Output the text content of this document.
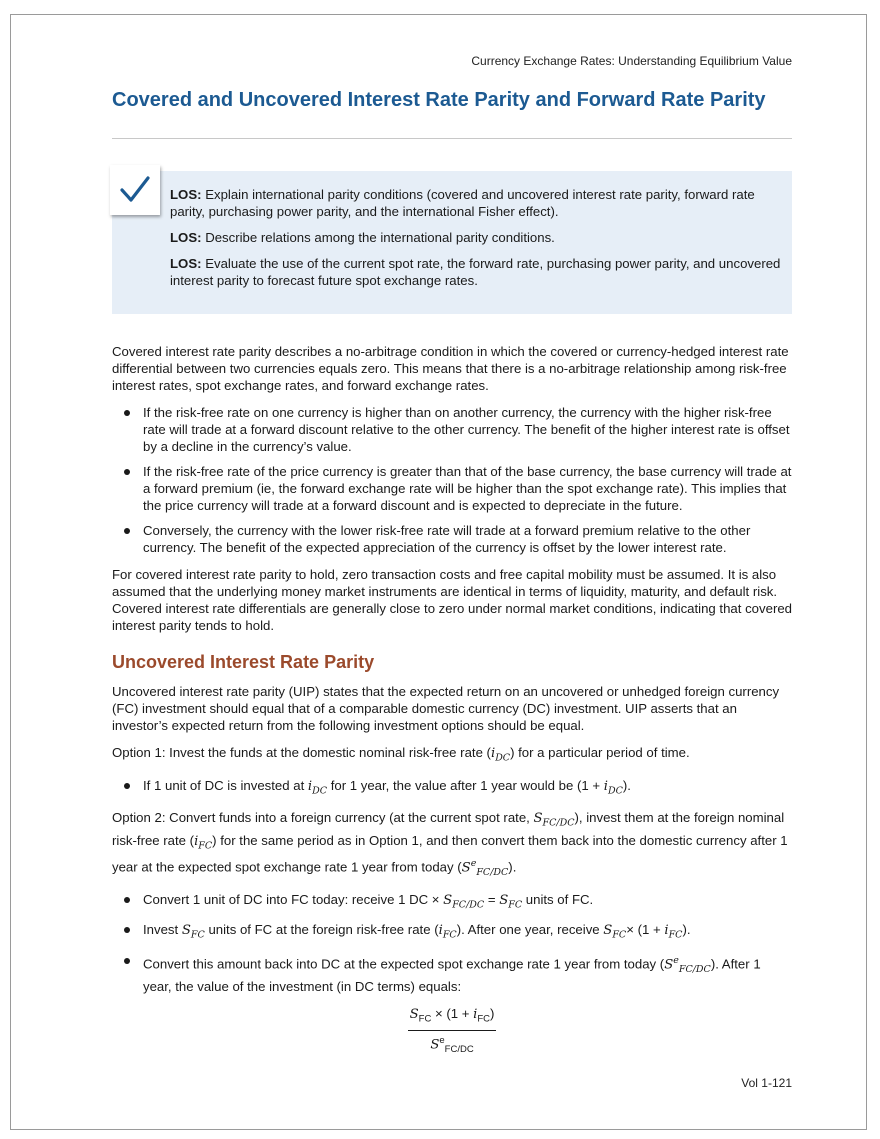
Currency Exchange Rates: Understanding Equilibrium Value
Covered and Uncovered Interest Rate Parity and Forward Rate Parity
LOS: Explain international parity conditions (covered and uncovered interest rate parity, forward rate parity, purchasing power parity, and the international Fisher effect).
LOS: Describe relations among the international parity conditions.
LOS: Evaluate the use of the current spot rate, the forward rate, purchasing power parity, and uncovered interest parity to forecast future spot exchange rates.

Covered interest rate parity describes a no-arbitrage condition in which the covered or currency-hedged interest rate differential between two currencies equals zero. This means that there is a no-arbitrage relationship among risk-free interest rates, spot exchange rates, and forward exchange rates.

If the risk-free rate on one currency is higher than on another currency, the currency with the higher risk-free rate will trade at a forward discount relative to the other currency. The benefit of the higher interest rate is offset by a decline in the currency’s value.
If the risk-free rate of the price currency is greater than that of the base currency, the base currency will trade at a forward premium (ie, the forward exchange rate will be higher than the spot exchange rate). This implies that the price currency will trade at a forward discount and is expected to depreciate in the future.
Conversely, the currency with the lower risk-free rate will trade at a forward premium relative to the other currency. The benefit of the expected appreciation of the currency is offset by the lower interest rate.

For covered interest rate parity to hold, zero transaction costs and free capital mobility must be assumed. It is also assumed that the underlying money market instruments are identical in terms of liquidity, maturity, and default risk. Covered interest rate differentials are generally close to zero under normal market conditions, indicating that covered interest parity tends to hold.

Uncovered Interest Rate Parity

Uncovered interest rate parity (UIP) states that the expected return on an uncovered or unhedged foreign currency (FC) investment should equal that of a comparable domestic currency (DC) investment. UIP asserts that an investor’s expected return from the following investment options should be equal.

Option 1: Invest the funds at the domestic nominal risk-free rate $(i_{DC})$ for a particular period of time.

If 1 unit of DC is invested at $i_{DC}$ for 1 year, the value after 1 year would be $(1 + i_{DC})$.

Option 2: Convert funds into a foreign currency (at the current spot rate, $S_{FC/DC}$), invest them at the foreign nominal risk-free rate $(i_{FC})$ for the same period as in Option 1, and then convert them back into the domestic currency after 1 year at the expected spot exchange rate 1 year from today $(S^e_{FC/DC})$.

Convert 1 unit of DC into FC today: receive 1 DC × $S_{FC/DC} = S_{FC}$ units of FC.
Invest $S_{FC}$ units of FC at the foreign risk-free rate $(i_{FC})$. After one year, receive $S_{FC}\times (1 + i_{FC})$.
Convert this amount back into DC at the expected spot exchange rate 1 year from today $(S^e_{FC/DC})$. After 1 year, the value of the investment (in DC terms) equals:
$S_{FC} \times (1 + i_{FC})$
$S^e_{FC/DC}$
Vol 1-121
